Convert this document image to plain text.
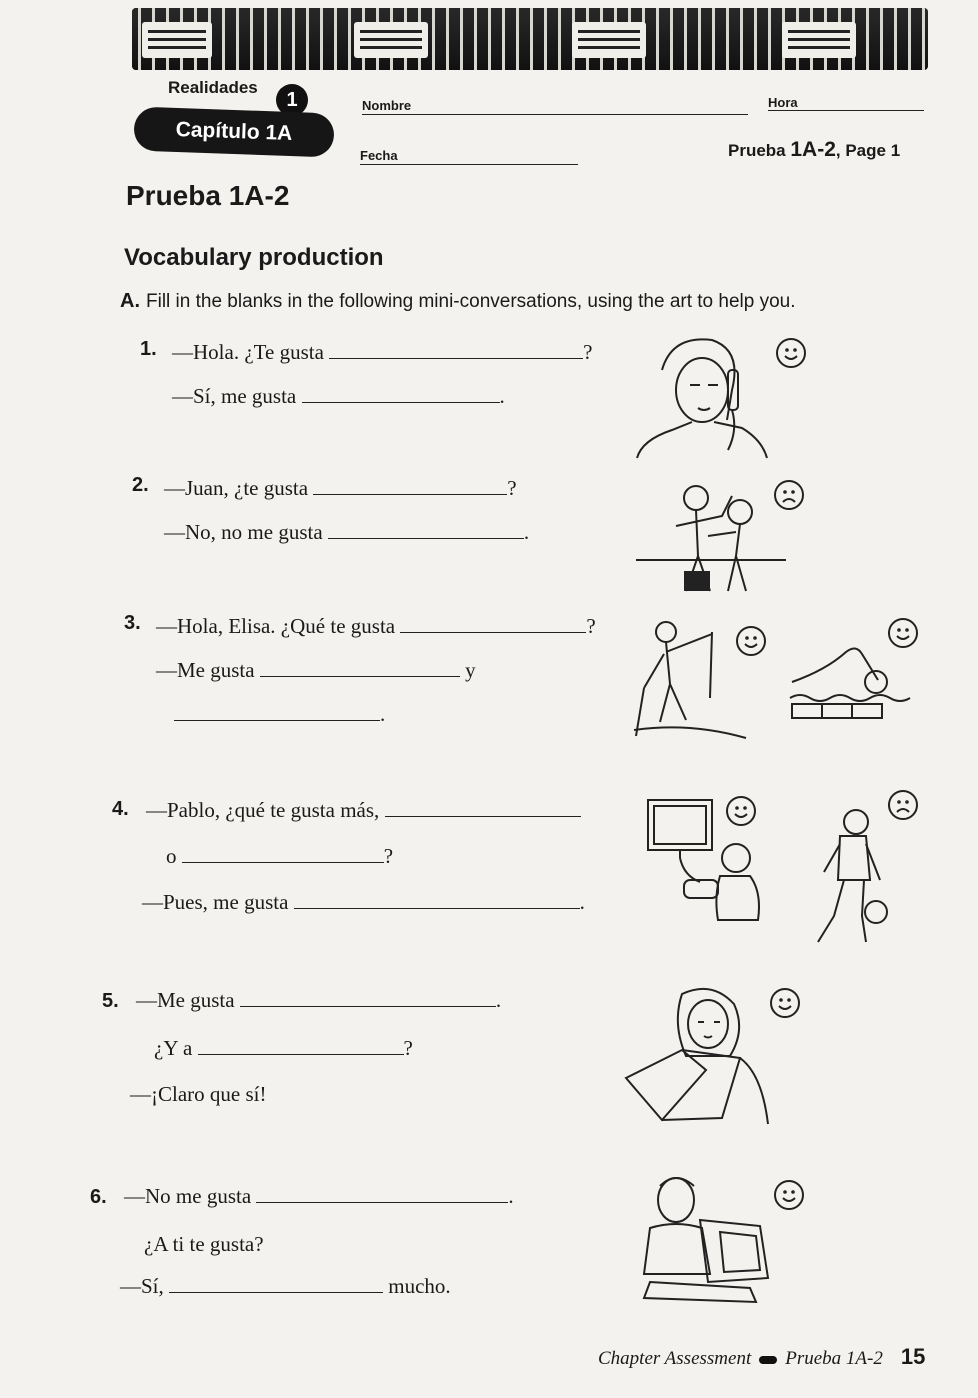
Realidades
1
Capítulo 1A
Nombre	Hora
Fecha	Prueba 1A-2, Page 1
Prueba 1A-2
Vocabulary production
A. Fill in the blanks in the following mini-conversations, using the art to help you.
1. —Hola. ¿Te gusta	?
—Sí, me gusta	.
2. —Juan, ¿te gusta	?
—No, no me gusta	.
3. —Hola, Elisa. ¿Qué te gusta	?
—Me gusta	y
.
4. —Pablo, ¿qué te gusta más,
o	?
—Pues, me gusta	.
5. —Me gusta	.
¿Y a	?
—¡Claro que sí!
6. —No me gusta	.
¿A ti te gusta?
—Sí,	mucho.
Chapter Assessment Prueba 1A-2 15
